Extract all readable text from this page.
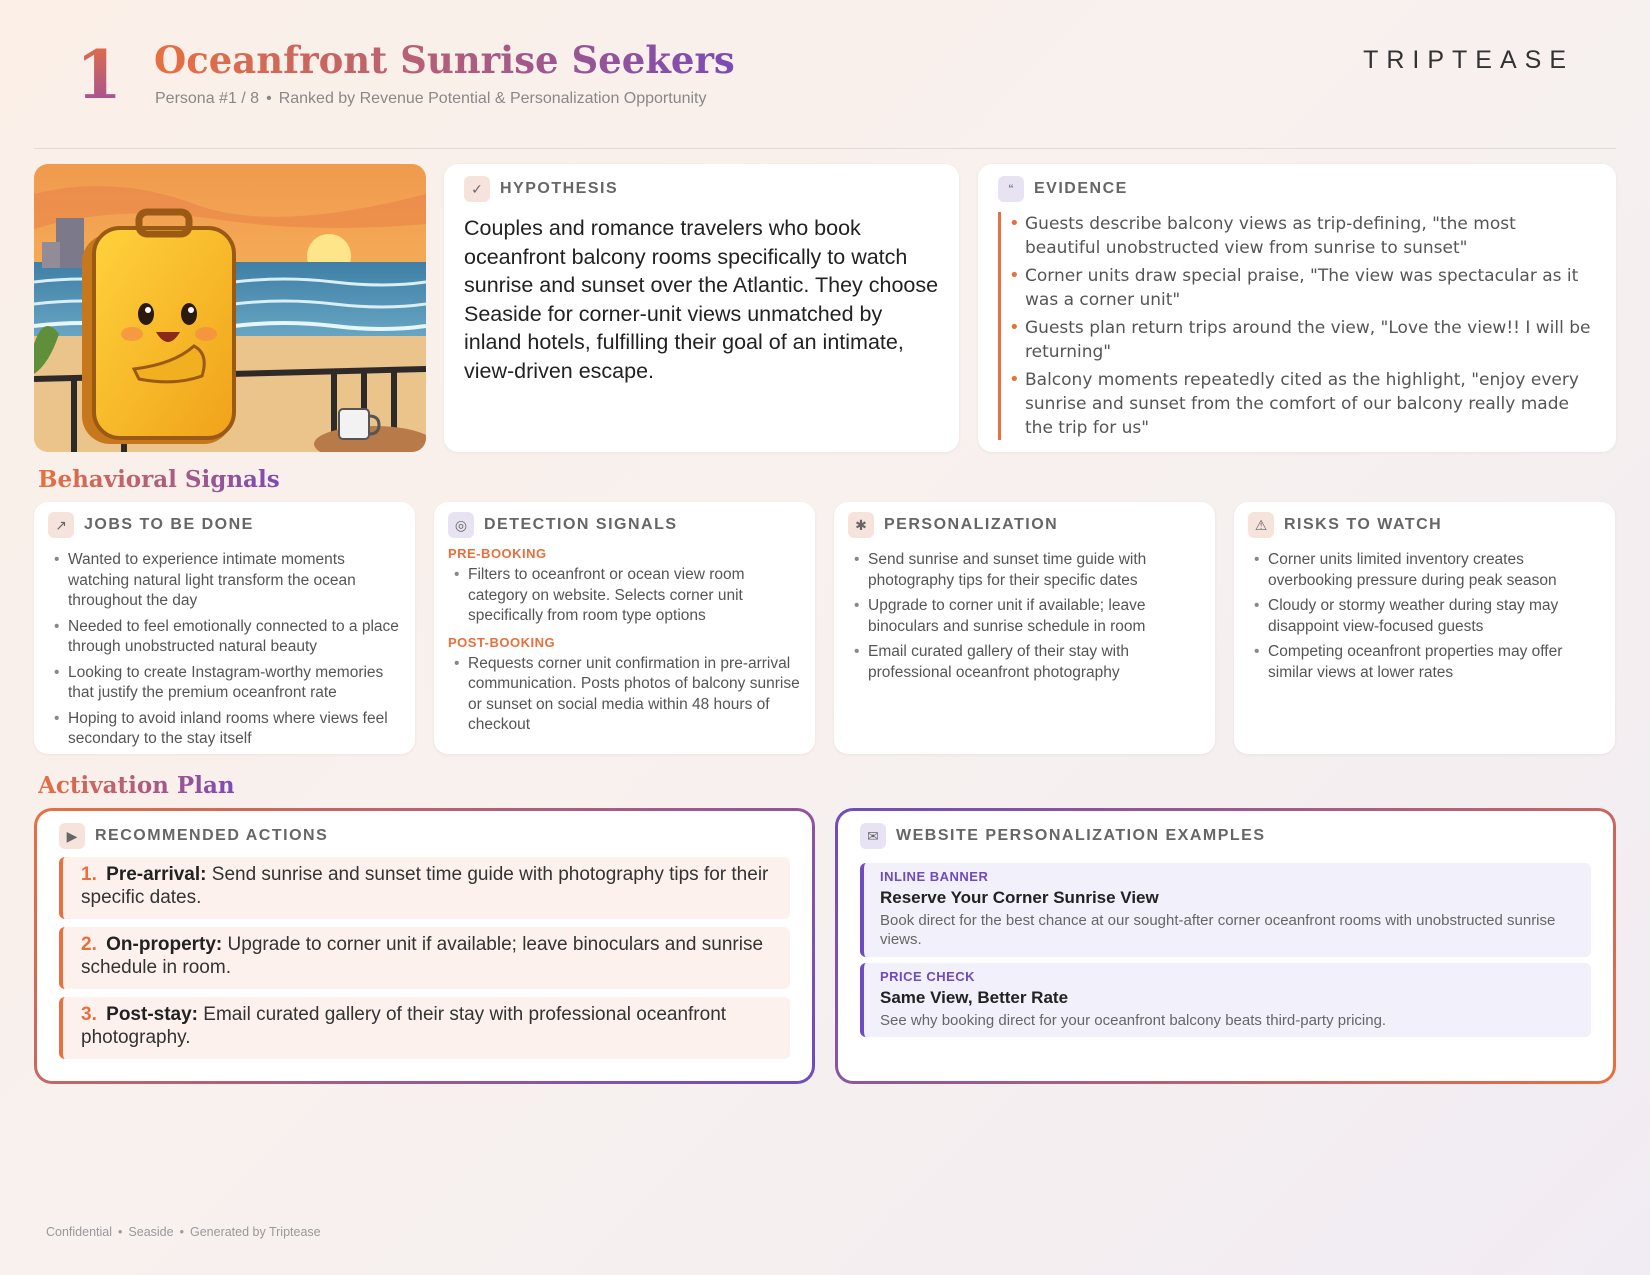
1 Oceanfront Sunrise Seekers
Persona #1 / 8 • Ranked by Revenue Potential & Personalization Opportunity
TRIPTEASE
✓	HYPOTHESIS
Couples and romance travelers who book oceanfront balcony rooms specifically to watch sunrise and sunset over the Atlantic. They choose Seaside for corner-unit views unmatched by inland hotels, fulfilling their goal of an intimate, view-driven escape.
“	EVIDENCE
• Guests describe balcony views as trip-defining, "the most beautiful unobstructed view from sunrise to sunset"
• Corner units draw special praise, "The view was spectacular as it was a corner unit"
• Guests plan return trips around the view, "Love the view!! I will be returning"
• Balcony moments repeatedly cited as the highlight, "enjoy every sunrise and sunset from the comfort of our balcony really made the trip for us"
Behavioral Signals
↗	JOBS TO BE DONE
• Wanted to experience intimate moments watching natural light transform the ocean throughout the day
• Needed to feel emotionally connected to a place through unobstructed natural beauty
• Looking to create Instagram-worthy memories that justify the premium oceanfront rate
• Hoping to avoid inland rooms where views feel secondary to the stay itself
◎	DETECTION SIGNALS
PRE-BOOKING
• Filters to oceanfront or ocean view room category on website. Selects corner unit specifically from room type options
POST-BOOKING
• Requests corner unit confirmation in pre-arrival communication. Posts photos of balcony sunrise or sunset on social media within 48 hours of checkout
✱	PERSONALIZATION
• Send sunrise and sunset time guide with photography tips for their specific dates
• Upgrade to corner unit if available; leave binoculars and sunrise schedule in room
• Email curated gallery of their stay with professional oceanfront photography
⚠	RISKS TO WATCH
• Corner units limited inventory creates overbooking pressure during peak season
• Cloudy or stormy weather during stay may disappoint view-focused guests
• Competing oceanfront properties may offer similar views at lower rates
Activation Plan
▶	RECOMMENDED ACTIONS
1. Pre-arrival: Send sunrise and sunset time guide with photography tips for their specific dates.
2. On-property: Upgrade to corner unit if available; leave binoculars and sunrise schedule in room.
3. Post-stay: Email curated gallery of their stay with professional oceanfront photography.
✉	WEBSITE PERSONALIZATION EXAMPLES
INLINE BANNER
Reserve Your Corner Sunrise View
Book direct for the best chance at our sought-after corner oceanfront rooms with unobstructed sunrise views.
PRICE CHECK
Same View, Better Rate
See why booking direct for your oceanfront balcony beats third-party pricing.
Confidential • Seaside • Generated by Triptease
